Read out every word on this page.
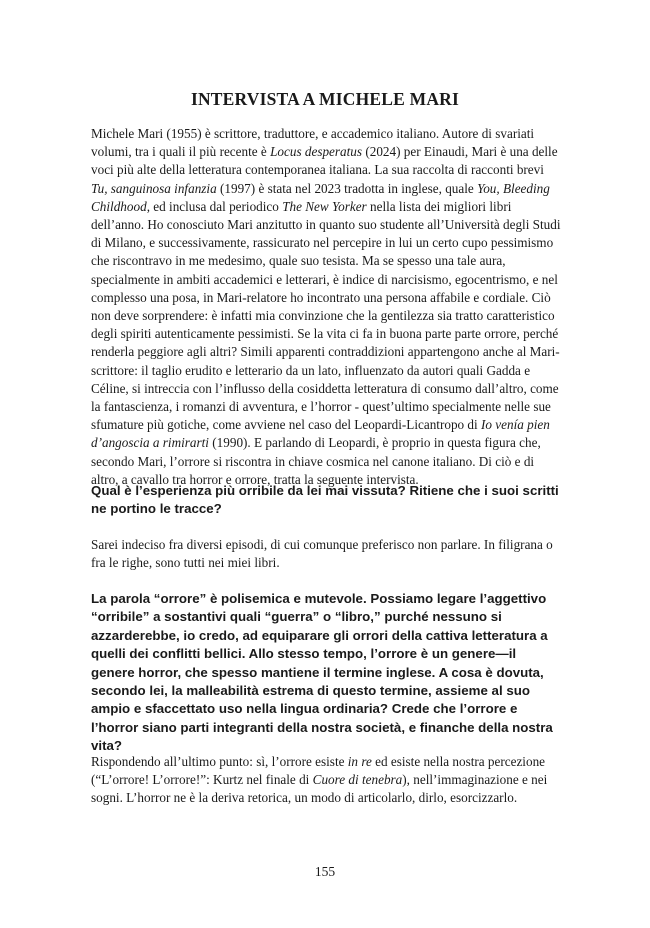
INTERVISTA A MICHELE MARI

Michele Mari (1955) è scrittore, traduttore, e accademico italiano. Autore di svariati volumi, tra i quali il più recente è Locus desperatus (2024) per Einaudi, Mari è una delle voci più alte della letteratura contemporanea italiana. La sua raccolta di racconti brevi Tu, sanguinosa infanzia (1997) è stata nel 2023 tradotta in inglese, quale You, Bleeding Childhood, ed inclusa dal periodico The New Yorker nella lista dei migliori libri dell’anno. Ho conosciuto Mari anzitutto in quanto suo studente all’Università degli Studi di Milano, e successivamente, rassicurato nel percepire in lui un certo cupo pessimismo che riscontravo in me medesimo, quale suo tesista. Ma se spesso una tale aura, specialmente in ambiti accademici e letterari, è indice di narcisismo, egocentrismo, e nel complesso una posa, in Mari-relatore ho incontrato una persona affabile e cordiale. Ciò non deve sorprendere: è infatti mia convinzione che la gentilezza sia tratto caratteristico degli spiriti autenticamente pessimisti. Se la vita ci fa in buona parte parte orrore, perché renderla peggiore agli altri? Simili apparenti contraddizioni appartengono anche al Mari-scrittore: il taglio erudito e letterario da un lato, influenzato da autori quali Gadda e Céline, si intreccia con l’influsso della cosiddetta letteratura di consumo dall’altro, come la fantascienza, i romanzi di avventura, e l’horror - quest’ultimo specialmente nelle sue sfumature più gotiche, come avviene nel caso del Leopardi-Licantropo di Io venía pien d’angoscia a rimirarti (1990). E parlando di Leopardi, è proprio in questa figura che, secondo Mari, l’orrore si riscontra in chiave cosmica nel canone italiano. Di ciò e di altro, a cavallo tra horror e orrore, tratta la seguente intervista.

Qual è l’esperienza più orribile da lei mai vissuta? Ritiene che i suoi scritti ne portino le tracce?

Sarei indeciso fra diversi episodi, di cui comunque preferisco non parlare. In filigrana o fra le righe, sono tutti nei miei libri.

La parola “orrore” è polisemica e mutevole. Possiamo legare l’aggettivo “orribile” a sostantivi quali “guerra” o “libro,” purché nessuno si azzarderebbe, io credo, ad equiparare gli orrori della cattiva letteratura a quelli dei conflitti bellici. Allo stesso tempo, l’orrore è un genere—il genere horror, che spesso mantiene il termine inglese. A cosa è dovuta, secondo lei, la malleabilità estrema di questo termine, assieme al suo ampio e sfaccettato uso nella lingua ordinaria? Crede che l’orrore e l’horror siano parti integranti della nostra società, e finanche della nostra vita?

Rispondendo all’ultimo punto: sì, l’orrore esiste in re ed esiste nella nostra percezione (“L’orrore! L’orrore!”: Kurtz nel finale di Cuore di tenebra), nell’immaginazione e nei sogni. L’horror ne è la deriva retorica, un modo di articolarlo, dirlo, esorcizzarlo.

155
